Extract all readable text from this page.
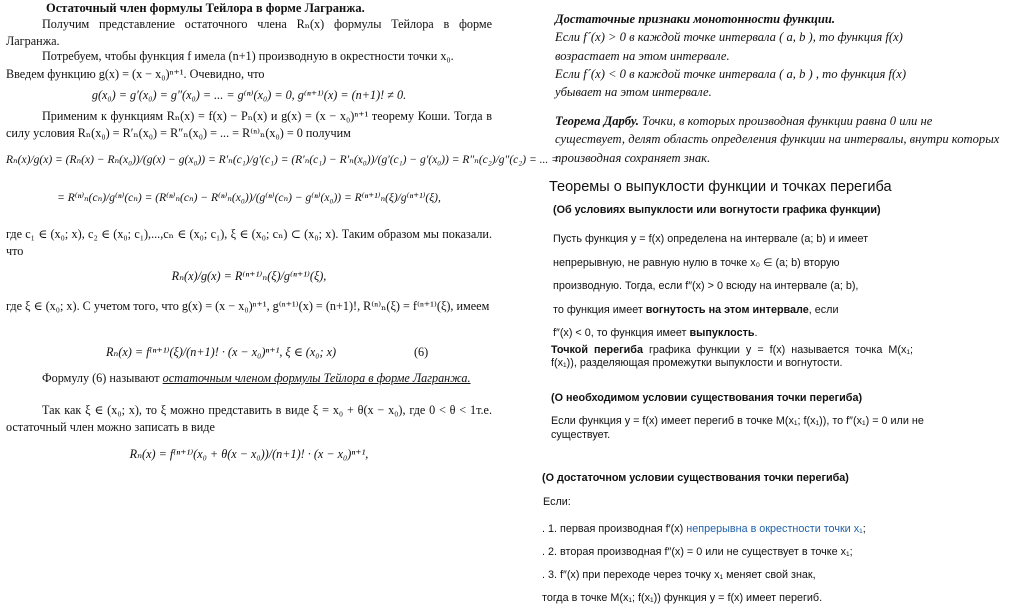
Остаточный член формулы Тейлора в форме Лагранжа.
Получим представление остаточного члена Rₙ(x) формулы Тейлора в форме Лагранжа.
Потребуем, чтобы функция f имела (n+1) производную в окрестности точки x₀.
Введем функцию g(x) = (x − x₀)ⁿ⁺¹. Очевидно, что
g(x₀) = g′(x₀) = g″(x₀) = ... = g⁽ⁿ⁾(x₀) = 0, g⁽ⁿ⁺¹⁾(x) = (n+1)! ≠ 0.
Применим к функциям Rₙ(x) = f(x) − Pₙ(x) и g(x) = (x − x₀)ⁿ⁺¹ теорему Коши. Тогда в силу условия Rₙ(x₀) = R′ₙ(x₀) = R″ₙ(x₀) = ... = R⁽ⁿ⁾ₙ(x₀) = 0 получим
Rₙ(x)/g(x) = (Rₙ(x) − Rₙ(x₀))/(g(x) − g(x₀)) = R′ₙ(c₁)/g′(c₁) = (R′ₙ(c₁) − R′ₙ(x₀))/(g′(c₁) − g′(x₀)) = R″ₙ(c₂)/g″(c₂) = ... =
= R⁽ⁿ⁾ₙ(cₙ)/g⁽ⁿ⁾(cₙ) = (R⁽ⁿ⁾ₙ(cₙ) − R⁽ⁿ⁾ₙ(x₀))/(g⁽ⁿ⁾(cₙ) − g⁽ⁿ⁾(x₀)) = R⁽ⁿ⁺¹⁾ₙ(ξ)/g⁽ⁿ⁺¹⁾(ξ),
где c₁ ∈ (x₀; x), c₂ ∈ (x₀; c₁),...,cₙ ∈ (x₀; c₁), ξ ∈ (x₀; cₙ) ⊂ (x₀; x). Таким образом мы показали. что
Rₙ(x)/g(x) = R⁽ⁿ⁺¹⁾ₙ(ξ)/g⁽ⁿ⁺¹⁾(ξ),
где ξ ∈ (x₀; x). С учетом того, что g(x) = (x − x₀)ⁿ⁺¹, g⁽ⁿ⁺¹⁾(x) = (n+1)!, R⁽ⁿ⁾ₙ(ξ) = f⁽ⁿ⁺¹⁾(ξ), имеем
Rₙ(x) = f⁽ⁿ⁺¹⁾(ξ)/(n+1)! · (x − x₀)ⁿ⁺¹, ξ ∈ (x₀; x)	(6)
Формулу (6) называют остаточным членом формулы Тейлора в форме Лагранжа.
Так как ξ ∈ (x₀; x), то ξ можно представить в виде ξ = x₀ + θ(x − x₀), где 0 < θ < 1т.е. остаточный член можно записать в виде
Rₙ(x) = f⁽ⁿ⁺¹⁾(x₀ + θ(x − x₀))/(n+1)! · (x − x₀)ⁿ⁺¹,
Достаточные признаки монотонности функции.
Если f´(x) > 0 в каждой точке интервала ( a, b ), то функция f(x)
возрастает на этом интервале.
Если f´(x) < 0 в каждой точке интервала ( a, b ) , то функция f(x)
убывает на этом интервале.
Теорема Дарбу. Точки, в которых производная функции равна 0 или не существует, делят область определения функции на интервалы, внутри которых производная сохраняет знак.
Теоремы о выпуклости функции и точках перегиба
(Об условиях выпуклости или вогнутости графика функции)
Пусть функция y = f(x) определена на интервале (a; b) и имеет
непрерывную, не равную нулю в точке x₀ ∈ (a; b) вторую
производную. Тогда, если f″(x) > 0 всюду на интервале (a; b),
то функция имеет вогнутость на этом интервале, если
f″(x) < 0, то функция имеет выпуклость.
Точкой перегиба графика функции y = f(x) называется точка M(x₁; f(x₁)), разделяющая промежутки выпуклости и вогнутости.
(О необходимом условии существования точки перегиба)
Если функция y = f(x) имеет перегиб в точке M(x₁; f(x₁)), то f″(x₁) = 0 или не существует.
(О достаточном условии существования точки перегиба)
Если:
. 1. первая производная f′(x) непрерывна в окрестности точки x₁;
. 2. вторая производная f″(x) = 0 или не существует в точке x₁;
. 3. f″(x) при переходе через точку x₁ меняет свой знак,
тогда в точке M(x₁; f(x₁)) функция y = f(x) имеет перегиб.
